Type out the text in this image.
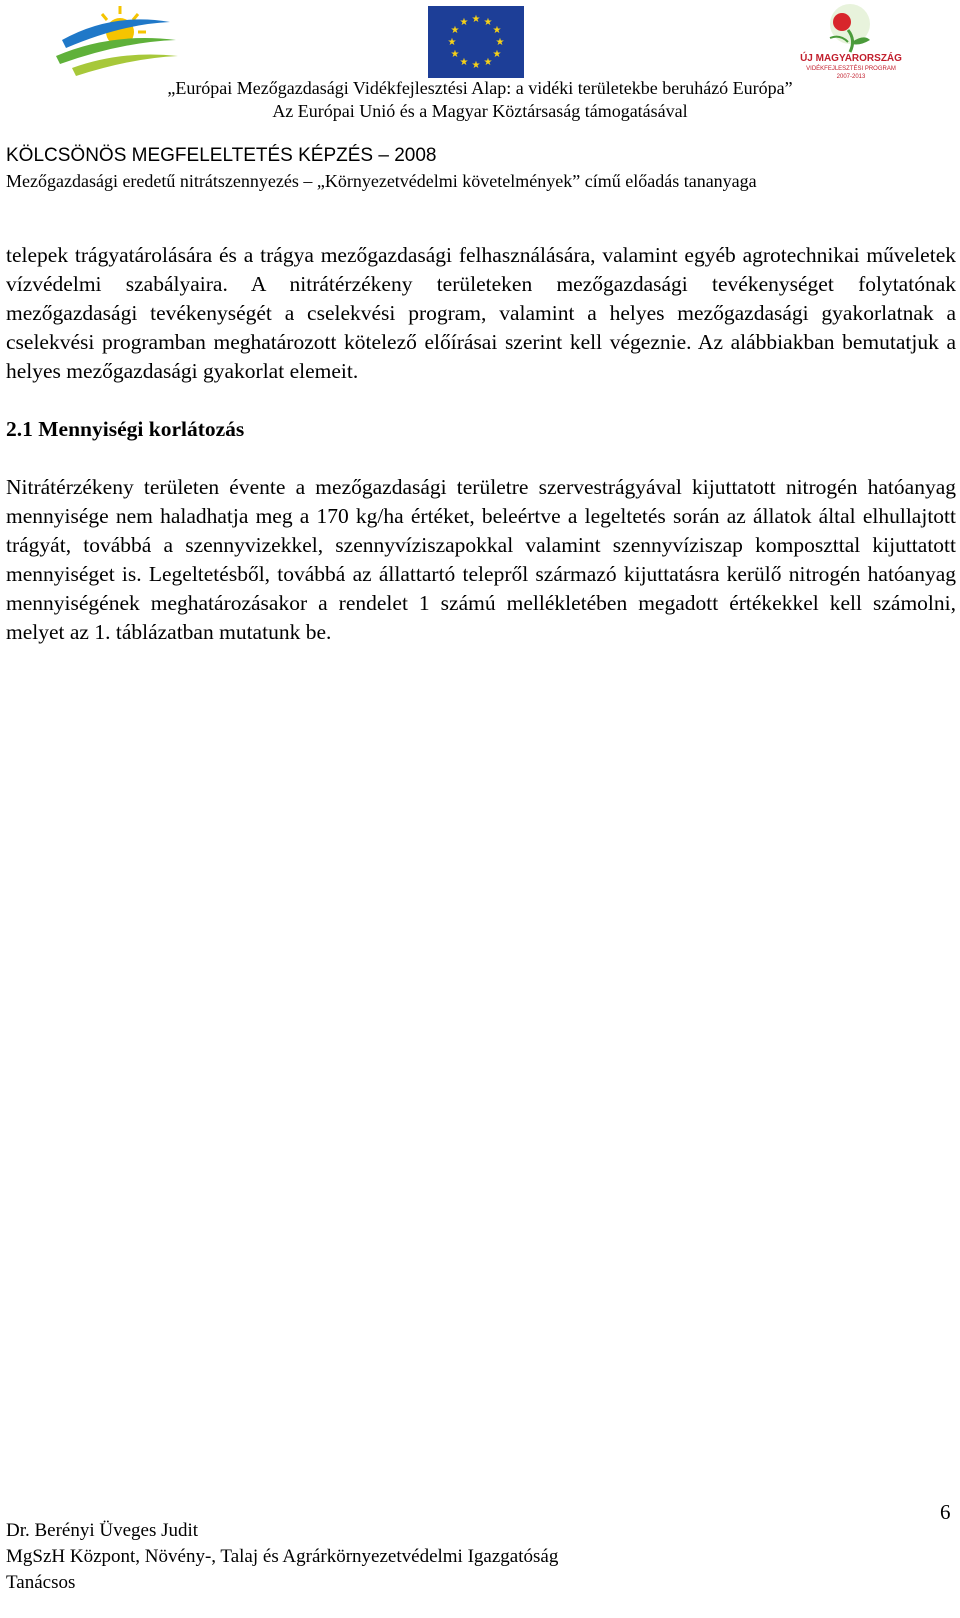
★ ★
★
★
★
★
★
★
★
★
★
★
ÚJ MAGYARORSZÁG
VIDÉKFEJLESZTÉSI PROGRAM
2007-2013
„Európai Mezőgazdasági Vidékfejlesztési Alap: a vidéki területekbe beruházó Európa”
Az Európai Unió és a Magyar Köztársaság támogatásával
KÖLCSÖNÖS MEGFELELTETÉS KÉPZÉS – 2008
Mezőgazdasági eredetű nitrátszennyezés – „Környezetvédelmi követelmények” című előadás tananyaga

telepek trágyatárolására és a trágya mezőgazdasági felhasználására, valamint egyéb agrotechnikai műveletek vízvédelmi szabályaira. A nitrátérzékeny területeken mezőgazdasági tevékenységet folytatónak mezőgazdasági tevékenységét a cselekvési program, valamint a helyes mezőgazdasági gyakorlatnak a cselekvési programban meghatározott kötelező előírásai szerint kell végeznie. Az alábbiakban bemutatjuk a helyes mezőgazdasági gyakorlat elemeit.

2.1 Mennyiségi korlátozás

Nitrátérzékeny területen évente a mezőgazdasági területre szervestrágyával kijuttatott nitrogén hatóanyag mennyisége nem haladhatja meg a 170 kg/ha értéket, beleértve a legeltetés során az állatok által elhullajtott trágyát, továbbá a szennyvizekkel, szennyvíziszapokkal valamint szennyvíziszap komposzttal kijuttatott mennyiséget is. Legeltetésből, továbbá az állattartó telepről származó kijuttatásra kerülő nitrogén hatóanyag mennyiségének meghatározásakor a rendelet 1 számú mellékletében megadott értékekkel kell számolni, melyet az 1. táblázatban mutatunk be.

6
Dr. Berényi Üveges Judit
MgSzH Központ, Növény-, Talaj és Agrárkörnyezetvédelmi Igazgatóság
Tanácsos
